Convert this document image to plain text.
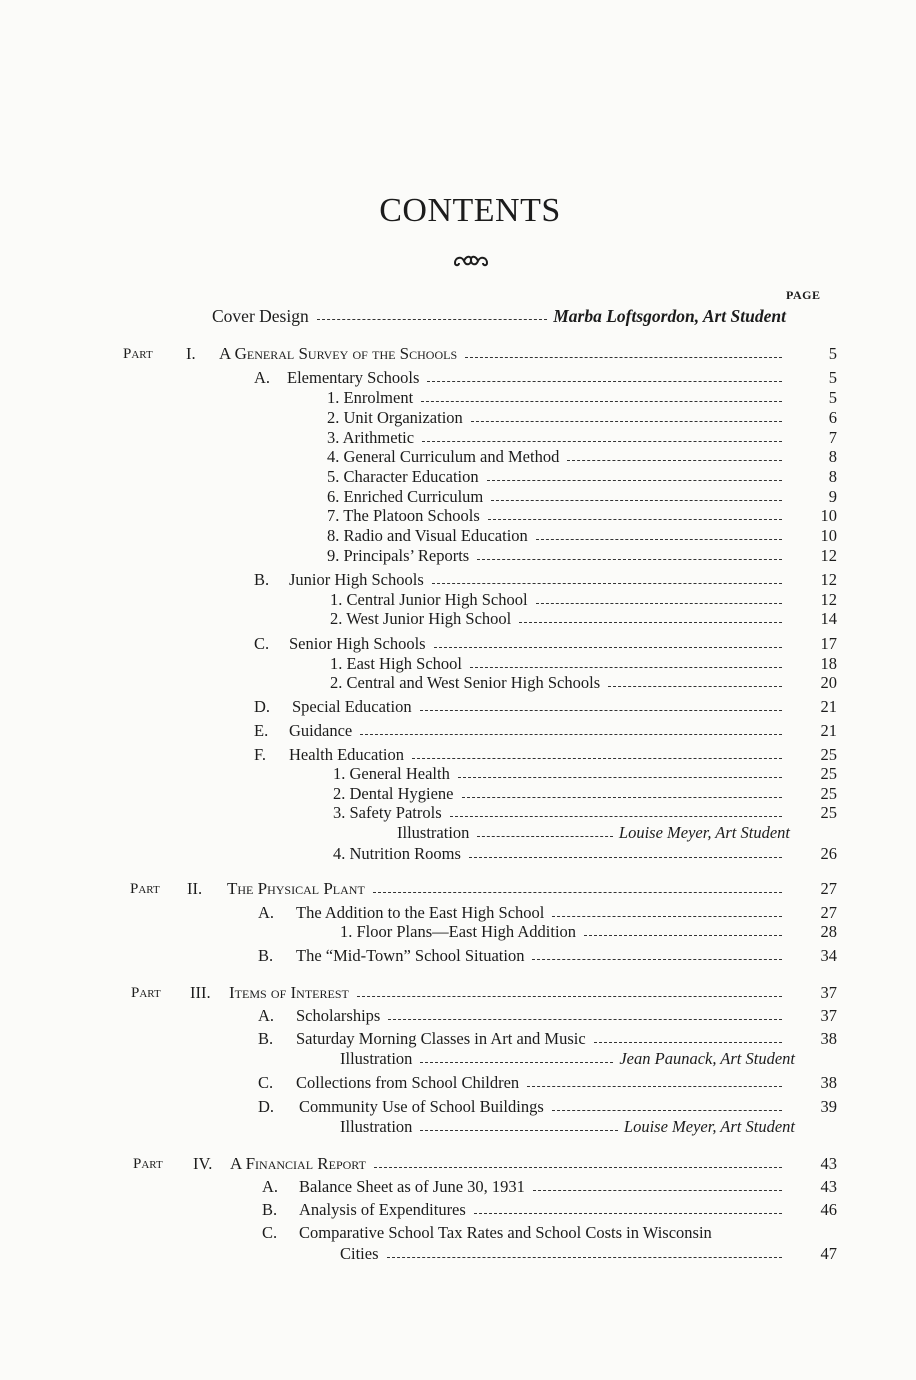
CONTENTS
PAGE
Cover Design	Marba Loftsgordon, Art Student
Part I. A General Survey of the Schools	5
A. Elementary Schools	5
1. Enrolment	5
2. Unit Organization	6
3. Arithmetic	7
4. General Curriculum and Method	8
5. Character Education	8
6. Enriched Curriculum	9
7. The Platoon Schools	10
8. Radio and Visual Education	10
9. Principals’ Reports	12
B. Junior High Schools	12
1. Central Junior High School	12
2. West Junior High School	14
C. Senior High Schools	17
1. East High School	18
2. Central and West Senior High Schools	20
D. Special Education	21
E. Guidance	21
F. Health Education	25
1. General Health	25
2. Dental Hygiene	25
3. Safety Patrols	25
Illustration	Louise Meyer, Art Student
4. Nutrition Rooms	26
Part II. The Physical Plant	27
A. The Addition to the East High School	27
1. Floor Plans—East High Addition	28
B. The “Mid-Town” School Situation	34
Part III. Items of Interest	37
A. Scholarships	37
B. Saturday Morning Classes in Art and Music	38
Illustration	Jean Paunack, Art Student
C. Collections from School Children	38
D. Community Use of School Buildings	39
Illustration	Louise Meyer, Art Student
Part IV. A Financial Report	43
A. Balance Sheet as of June 30, 1931	43
B. Analysis of Expenditures	46
C. Comparative School Tax Rates and School Costs in Wisconsin
Cities	47
